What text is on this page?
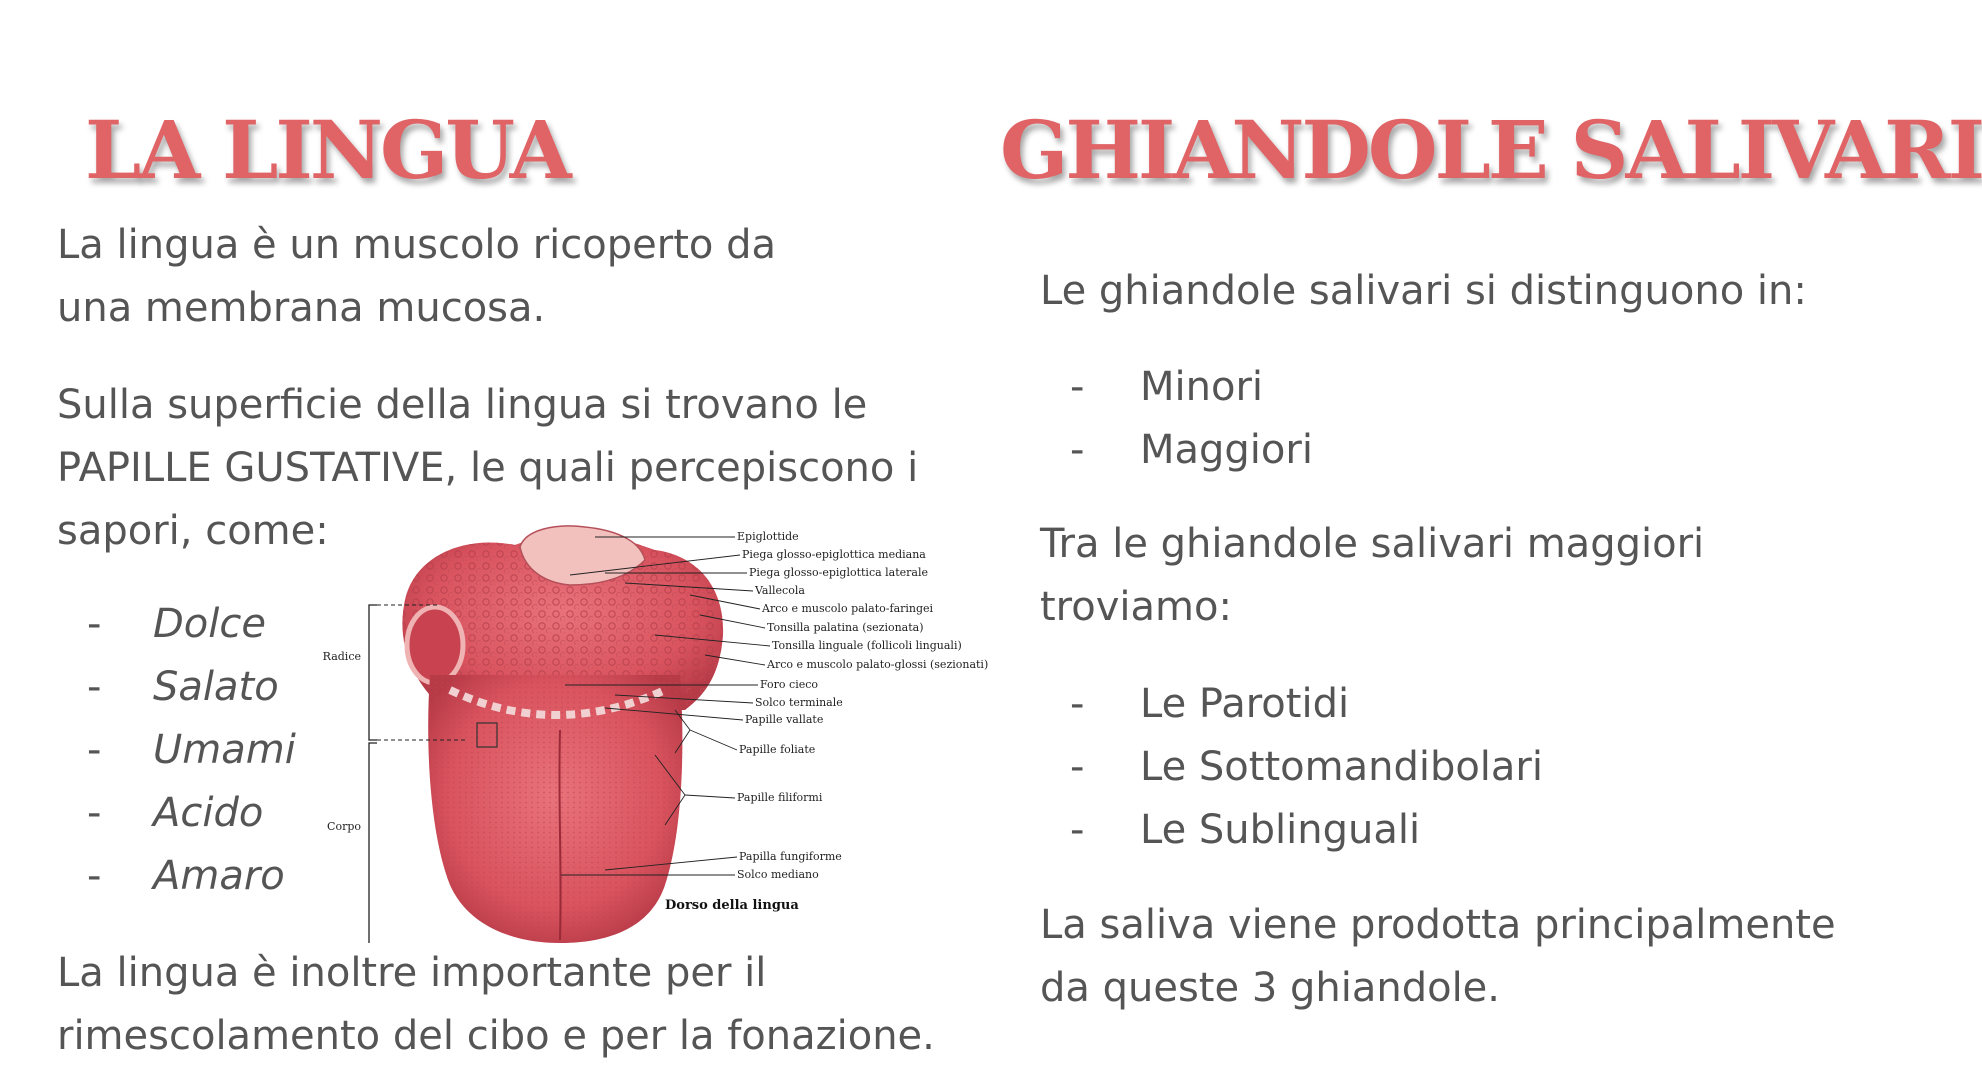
LA LINGUA

La lingua è un muscolo ricoperto da una membrana mucosa.

Sulla superficie della lingua si trovano le PAPILLE GUSTATIVE, le quali percepiscono i sapori, come:

- Dolce
- Salato
- Umami
- Acido
- Amaro

La lingua è inoltre importante per il rimescolamento del cibo e per la fonazione.

Radice
Corpo
Epiglottide
Piega glosso-epiglottica mediana
Piega glosso-epiglottica laterale
Vallecola
Arco e muscolo palato-faringei
Tonsilla palatina (sezionata)
Tonsilla linguale (follicoli linguali)
Arco e muscolo palato-glossi (sezionati)
Foro cieco
Solco terminale
Papille vallate
Papille foliate
Papille filiformi
Papilla fungiforme
Solco mediano
Dorso della lingua
GHIANDOLE SALIVARI

Le ghiandole salivari si distinguono in:

- Minori
- Maggiori

Tra le ghiandole salivari maggiori troviamo:

- Le Parotidi
- Le Sottomandibolari
- Le Sublinguali

La saliva viene prodotta principalmente da queste 3 ghiandole.
